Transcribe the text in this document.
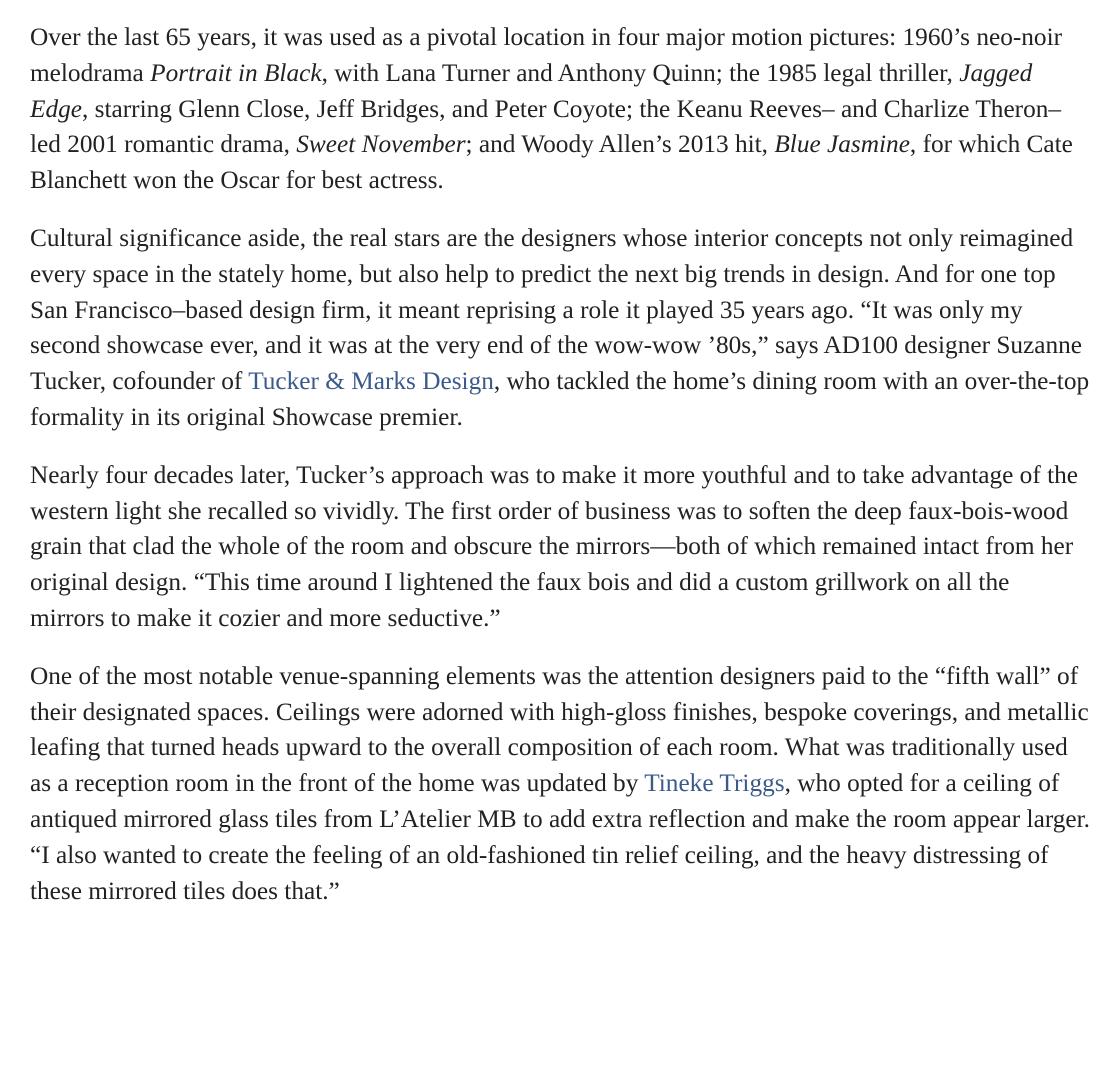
Over the last 65 years, it was used as a pivotal location in four major motion pictures: 1960’s neo-noir melodrama Portrait in Black, with Lana Turner and Anthony Quinn; the 1985 legal thriller, Jagged Edge, starring Glenn Close, Jeff Bridges, and Peter Coyote; the Keanu Reeves– and Charlize Theron–led 2001 romantic drama, Sweet November; and Woody Allen’s 2013 hit, Blue Jasmine, for which Cate Blanchett won the Oscar for best actress.

Cultural significance aside, the real stars are the designers whose interior concepts not only reimagined every space in the stately home, but also help to predict the next big trends in design. And for one top San Francisco–based design firm, it meant reprising a role it played 35 years ago. “It was only my second showcase ever, and it was at the very end of the wow-wow ’80s,” says AD100 designer Suzanne Tucker, cofounder of Tucker & Marks Design, who tackled the home’s dining room with an over-the-top formality in its original Showcase premier.

Nearly four decades later, Tucker’s approach was to make it more youthful and to take advantage of the western light she recalled so vividly. The first order of business was to soften the deep faux-bois-wood grain that clad the whole of the room and obscure the mirrors—both of which remained intact from her original design. “This time around I lightened the faux bois and did a custom grillwork on all the mirrors to make it cozier and more seductive.”

One of the most notable venue-spanning elements was the attention designers paid to the “fifth wall” of their designated spaces. Ceilings were adorned with high-gloss finishes, bespoke coverings, and metallic leafing that turned heads upward to the overall composition of each room. What was traditionally used as a reception room in the front of the home was updated by Tineke Triggs, who opted for a ceiling of antiqued mirrored glass tiles from L’Atelier MB to add extra reflection and make the room appear larger. “I also wanted to create the feeling of an old-fashioned tin relief ceiling, and the heavy distressing of these mirrored tiles does that.”
